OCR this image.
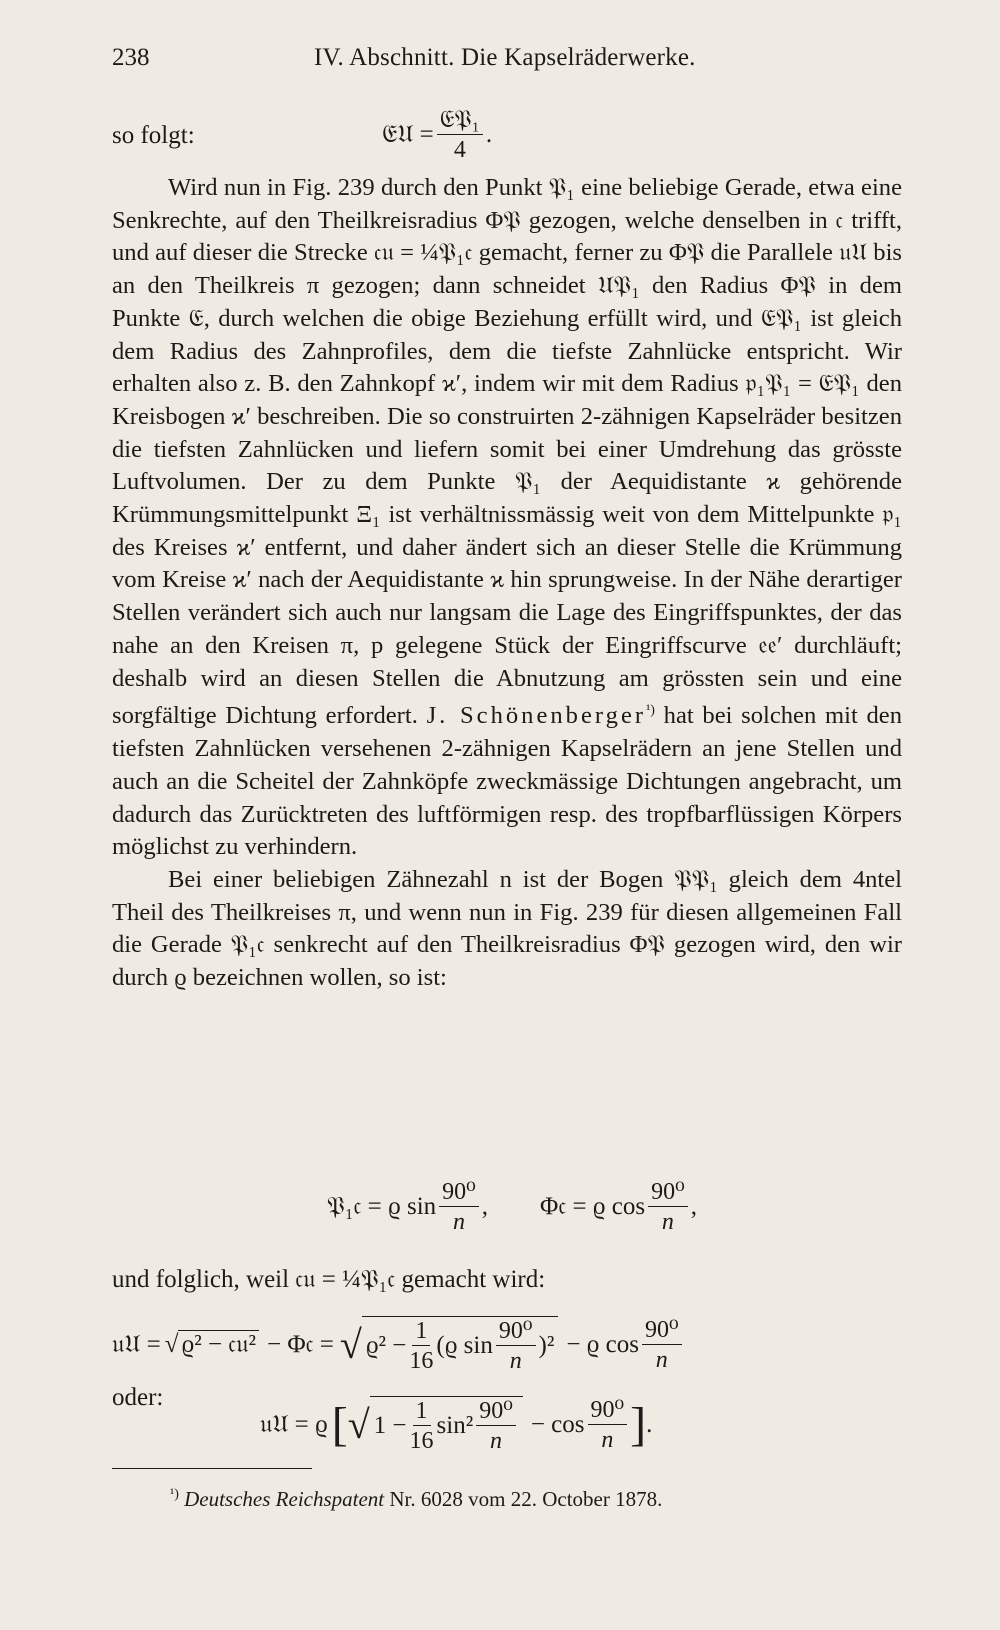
238	IV. Abschnitt. Die Kapselräderwerke.
so folgt:	𝔈𝔘 = $\frac{\text{𝔈𝔓₁}}{4}$ .

Wird nun in Fig. 239 durch den Punkt 𝔓₁ eine beliebige Gerade, etwa eine Senkrechte, auf den Theilkreisradius Φ𝔓 gezogen, welche denselben in 𝔠 trifft, und auf dieser die Strecke 𝔠𝔲 = ¼𝔓₁𝔠 gemacht, ferner zu Φ𝔓 die Parallele 𝔲𝔘 bis an den Theilkreis π gezogen; dann schneidet 𝔘𝔓₁ den Radius Φ𝔓 in dem Punkte 𝔈, durch welchen die obige Beziehung erfüllt wird, und 𝔈𝔓₁ ist gleich dem Radius des Zahnprofiles, dem die tiefste Zahnlücke entspricht. Wir erhalten also z. B. den Zahnkopf ϰ′, indem wir mit dem Radius 𝔭₁𝔓₁ = 𝔈𝔓₁ den Kreisbogen ϰ′ beschreiben. Die so construirten 2-zähnigen Kapselräder besitzen die tiefsten Zahnlücken und liefern somit bei einer Umdrehung das grösste Luftvolumen. Der zu dem Punkte 𝔓₁ der Aequidistante ϰ gehörende Krümmungsmittelpunkt Ξ₁ ist verhältnissmässig weit von dem Mittelpunkte 𝔭₁ des Kreises ϰ′ entfernt, und daher ändert sich an dieser Stelle die Krümmung vom Kreise ϰ′ nach der Aequidistante ϰ hin sprungweise. In der Nähe derartiger Stellen verändert sich auch nur langsam die Lage des Eingriffspunktes, der das nahe an den Kreisen π, p gelegene Stück der Eingriffscurve 𝔢𝔢′ durchläuft; deshalb wird an diesen Stellen die Abnutzung am grössten sein und eine sorgfältige Dichtung erfordert. J. Schönenberger$^{^1)}$ hat bei solchen mit den tiefsten Zahnlücken versehenen 2-zähnigen Kapselrädern an jene Stellen und auch an die Scheitel der Zahnköpfe zweckmässige Dichtungen angebracht, um dadurch das Zurücktreten des luftförmigen resp. des tropfbarflüssigen Körpers möglichst zu verhindern.

Bei einer beliebigen Zähnezahl n ist der Bogen 𝔓𝔓₁ gleich dem 4ntel Theil des Theilkreises π, und wenn nun in Fig. 239 für diesen allgemeinen Fall die Gerade 𝔓₁𝔠 senkrecht auf den Theilkreisradius Φ𝔓 gezogen wird, den wir durch ϱ bezeichnen wollen, so ist:

𝔓₁𝔠 = ϱ $\sin \frac{\text{90⁰}}{n}$ , Φ𝔠 = ϱ $\cos \frac{\text{90⁰}}{n}$ ,
und folglich, weil 𝔠𝔲 = ¼𝔓₁𝔠 gemacht wird:
𝔲𝔘 = √ ϱ² − 𝔠𝔲² − Φ𝔠 = √ $ϱ^2 - \frac{1}{16} (ϱ$ $\sin \frac{\text{90⁰}}{n} )^2 - ϱ$ $\cos \frac{\text{90⁰}}{n}$
oder:
𝔲𝔘 = ϱ [ √ $1 - \frac{1}{16} \sin^2 \frac{\text{90⁰}}{n} - \cos \frac{\text{90⁰}}{n}$ ] .
$^{^1)}$ Deutsches Reichspatent Nr. 6028 vom 22. October 1878.
